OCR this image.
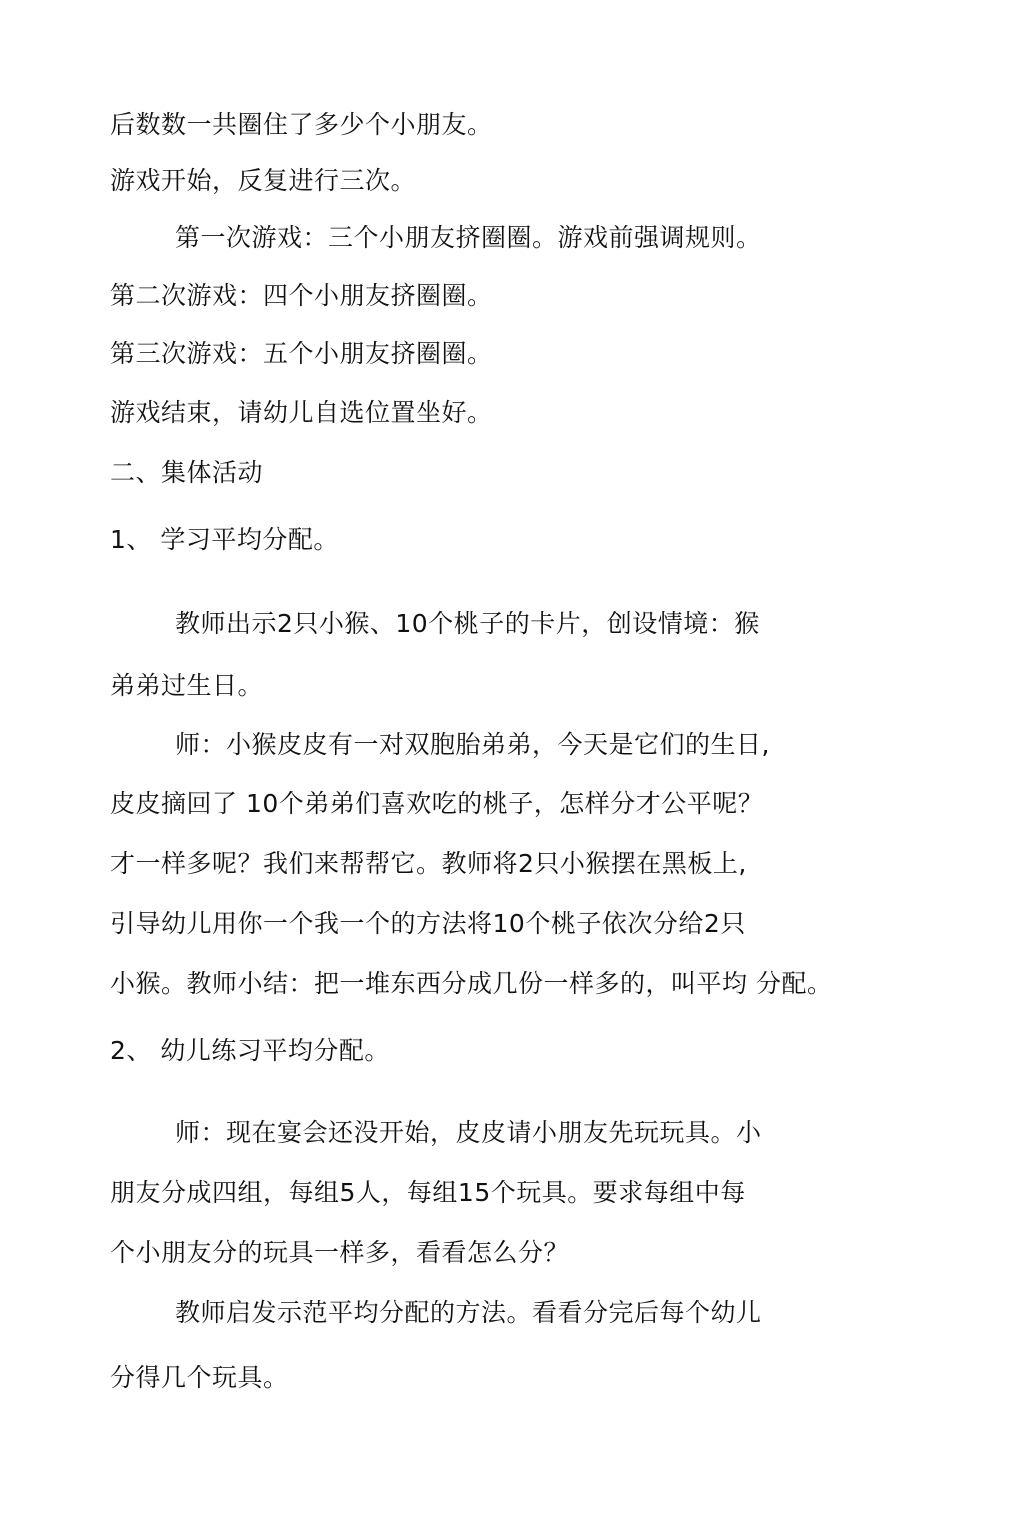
后数数一共圈住了多少个小朋友。
游戏开始，反复进行三次。
第一次游戏：三个小朋友挤圈圈。游戏前强调规则。
第二次游戏：四个小朋友挤圈圈。
第三次游戏：五个小朋友挤圈圈。
游戏结束，请幼儿自选位置坐好。
二、集体活动
1、 学习平均分配。
教师出示2只小猴、10个桃子的卡片，创设情境：猴
弟弟过生日。
师：小猴皮皮有一对双胞胎弟弟，今天是它们的生日,
皮皮摘回了 10个弟弟们喜欢吃的桃子，怎样分才公平呢？
才一样多呢？我们来帮帮它。教师将2只小猴摆在黑板上,
引导幼儿用你一个我一个的方法将10个桃子依次分给2只
小猴。教师小结：把一堆东西分成几份一样多的，叫平均 分配。
2、 幼儿练习平均分配。
师：现在宴会还没开始，皮皮请小朋友先玩玩具。小
朋友分成四组，每组5人，每组15个玩具。要求每组中每
个小朋友分的玩具一样多，看看怎么分？
教师启发示范平均分配的方法。看看分完后每个幼儿
分得几个玩具。
